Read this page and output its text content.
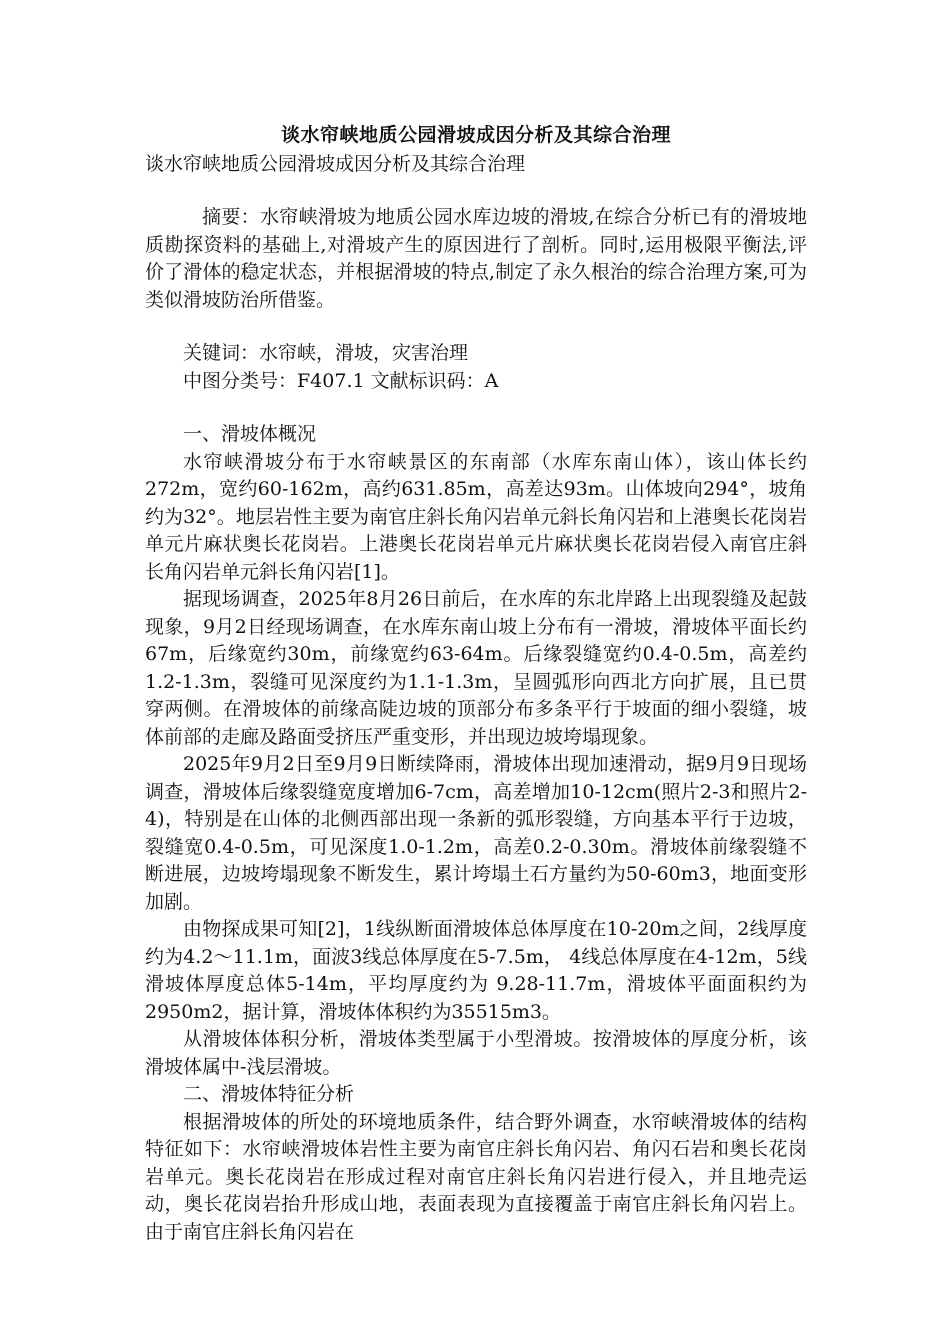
谈水帘峡地质公园滑坡成因分析及其综合治理

谈水帘峡地质公园滑坡成因分析及其综合治理

摘要：水帘峡滑坡为地质公园水库边坡的滑坡,在综合分析已有的滑坡地质勘探资料的基础上,对滑坡产生的原因进行了剖析。同时,运用极限平衡法,评价了滑体的稳定状态，并根据滑坡的特点,制定了永久根治的综合治理方案,可为类似滑坡防治所借鉴。

关键词：水帘峡，滑坡，灾害治理

中图分类号：F407.1 文献标识码：A

一、滑坡体概况

水帘峡滑坡分布于水帘峡景区的东南部（水库东南山体），该山体长约272m，宽约60-162m，高约631.85m，高差达93m。山体坡向294°，坡角约为32°。地层岩性主要为南官庄斜长角闪岩单元斜长角闪岩和上港奥长花岗岩单元片麻状奥长花岗岩。上港奥长花岗岩单元片麻状奥长花岗岩侵入南官庄斜长角闪岩单元斜长角闪岩[1]。

据现场调查，2025年8月26日前后，在水库的东北岸路上出现裂缝及起鼓现象，9月2日经现场调查，在水库东南山坡上分布有一滑坡，滑坡体平面长约67m，后缘宽约30m，前缘宽约63-64m。后缘裂缝宽约0.4-0.5m，高差约1.2-1.3m，裂缝可见深度约为1.1-1.3m，呈圆弧形向西北方向扩展，且已贯穿两侧。在滑坡体的前缘高陡边坡的顶部分布多条平行于坡面的细小裂缝，坡体前部的走廊及路面受挤压严重变形，并出现边坡垮塌现象。

2025年9月2日至9月9日断续降雨，滑坡体出现加速滑动，据9月9日现场调查，滑坡体后缘裂缝宽度增加6-7cm，高差增加10-12cm(照片2-3和照片2-4)，特别是在山体的北侧西部出现一条新的弧形裂缝，方向基本平行于边坡，裂缝宽0.4-0.5m，可见深度1.0-1.2m，高差0.2-0.30m。滑坡体前缘裂缝不断进展，边坡垮塌现象不断发生，累计垮塌土石方量约为50-60m3，地面变形加剧。

由物探成果可知[2]，1线纵断面滑坡体总体厚度在10-20m之间，2线厚度约为4.2～11.1m，面波3线总体厚度在5-7.5m， 4线总体厚度在4-12m，5线滑坡体厚度总体5-14m，平均厚度约为 9.28-11.7m，滑坡体平面面积约为2950m2，据计算，滑坡体体积约为35515m3。

从滑坡体体积分析，滑坡体类型属于小型滑坡。按滑坡体的厚度分析，该滑坡体属中-浅层滑坡。

二、滑坡体特征分析

根据滑坡体的所处的环境地质条件，结合野外调查，水帘峡滑坡体的结构特征如下：水帘峡滑坡体岩性主要为南官庄斜长角闪岩、角闪石岩和奥长花岗岩单元。奥长花岗岩在形成过程对南官庄斜长角闪岩进行侵入，并且地壳运动，奥长花岗岩抬升形成山地，表面表现为直接覆盖于南官庄斜长角闪岩上。由于南官庄斜长角闪岩在
